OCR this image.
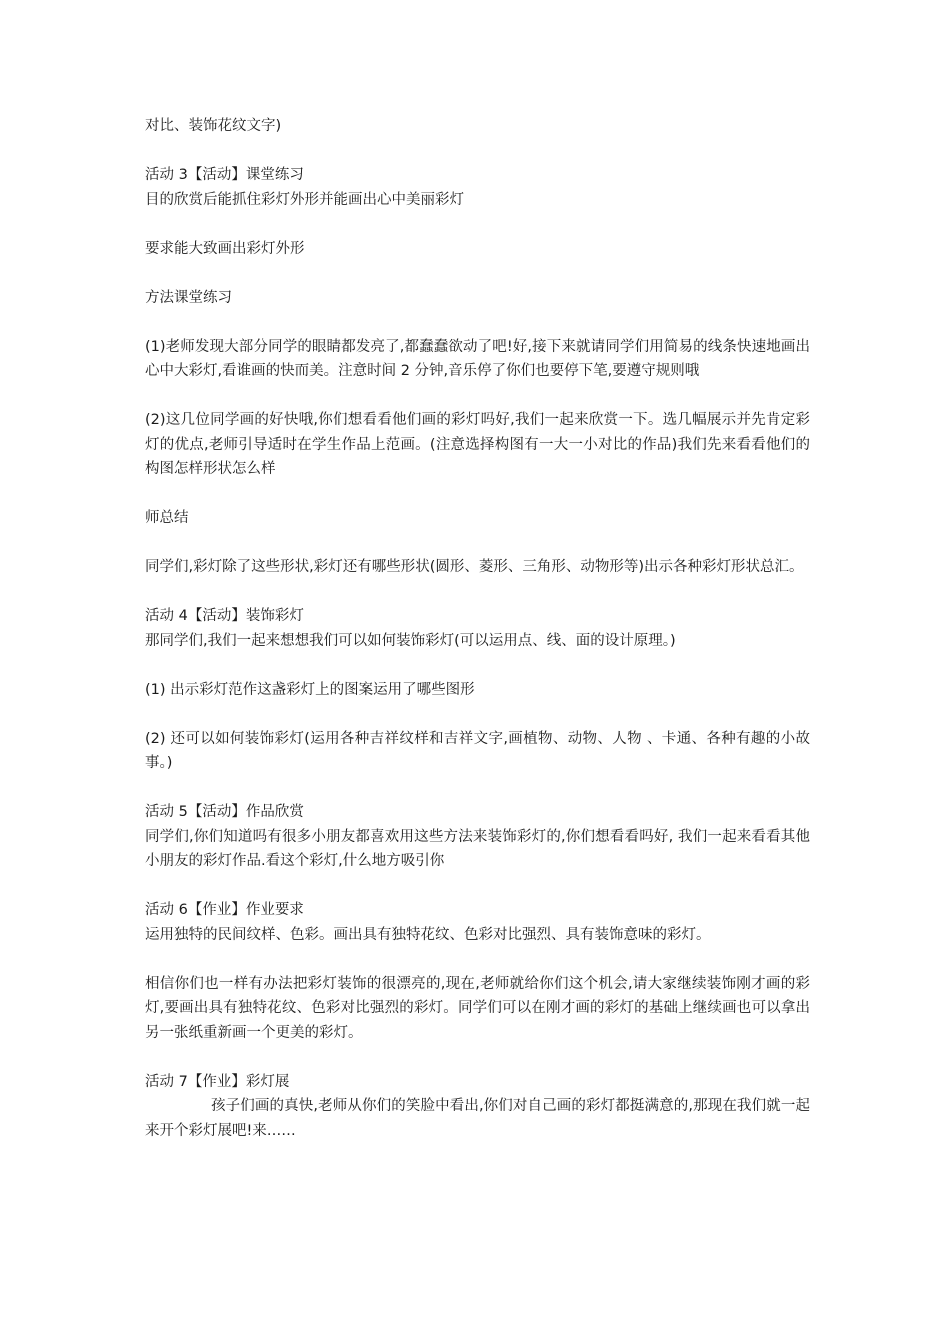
对比、装饰花纹文字)

活动 3【活动】课堂练习

目的欣赏后能抓住彩灯外形并能画出心中美丽彩灯

要求能大致画出彩灯外形

方法课堂练习

(1)老师发现大部分同学的眼睛都发亮了,都蠢蠢欲动了吧!好,接下来就请同学们用简易的线条快速地画出心中大彩灯,看谁画的快而美。注意时间 2 分钟,音乐停了你们也要停下笔,要遵守规则哦

(2)这几位同学画的好快哦,你们想看看他们画的彩灯吗好,我们一起来欣赏一下。选几幅展示并先肯定彩灯的优点,老师引导适时在学生作品上范画。(注意选择构图有一大一小对比的作品)我们先来看看他们的构图怎样形状怎么样

师总结

同学们,彩灯除了这些形状,彩灯还有哪些形状(圆形、菱形、三角形、动物形等)出示各种彩灯形状总汇。

活动 4【活动】装饰彩灯

那同学们,我们一起来想想我们可以如何装饰彩灯(可以运用点、线、面的设计原理。)

(1) 出示彩灯范作这盏彩灯上的图案运用了哪些图形

(2) 还可以如何装饰彩灯(运用各种吉祥纹样和吉祥文字,画植物、动物、人物 、卡通、各种有趣的小故事。)

活动 5【活动】作品欣赏

同学们,你们知道吗有很多小朋友都喜欢用这些方法来装饰彩灯的,你们想看看吗好, 我们一起来看看其他小朋友的彩灯作品.看这个彩灯,什么地方吸引你

活动 6【作业】作业要求

运用独特的民间纹样、色彩。画出具有独特花纹、色彩对比强烈、具有装饰意味的彩灯。

相信你们也一样有办法把彩灯装饰的很漂亮的,现在,老师就给你们这个机会,请大家继续装饰刚才画的彩灯,要画出具有独特花纹、色彩对比强烈的彩灯。同学们可以在刚才画的彩灯的基础上继续画也可以拿出另一张纸重新画一个更美的彩灯。

活动 7【作业】彩灯展

孩子们画的真快,老师从你们的笑脸中看出,你们对自己画的彩灯都挺满意的,那现在我们就一起来开个彩灯展吧!来……
